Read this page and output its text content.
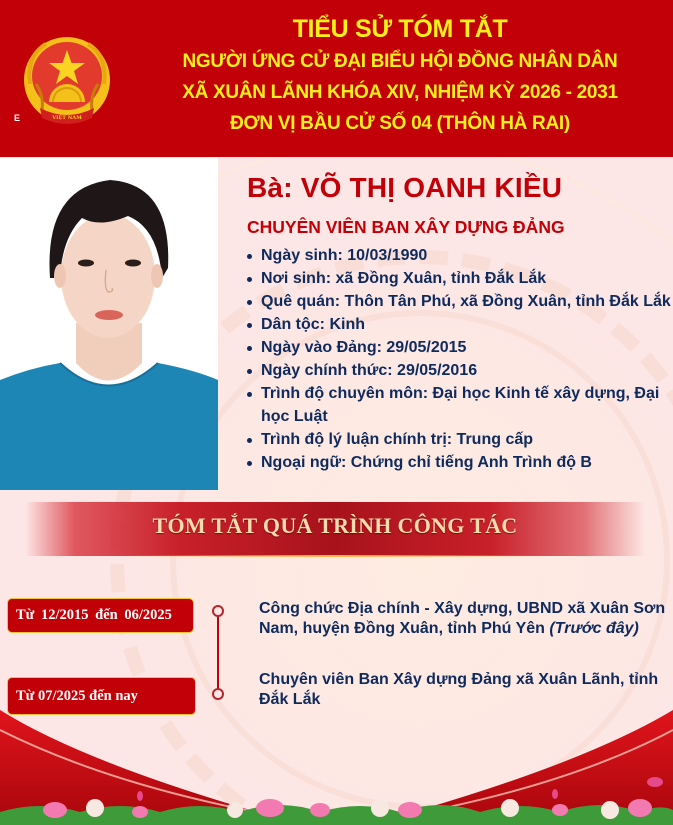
VIỆT NAM
E
TIỂU SỬ TÓM TẮT
NGƯỜI ỨNG CỬ ĐẠI BIỂU HỘI ĐỒNG NHÂN DÂN
XÃ XUÂN LÃNH KHÓA XIV, NHIỆM KỲ 2026 - 2031
ĐƠN VỊ BẦU CỬ SỐ 04 (THÔN HÀ RAI)
Bà: VÕ THỊ OANH KIỀU
CHUYÊN VIÊN BAN XÂY DỰNG ĐẢNG
Ngày sinh: 10/03/1990
Nơi sinh: xã Đồng Xuân, tỉnh Đắk Lắk
Quê quán: Thôn Tân Phú, xã Đồng Xuân, tỉnh Đắk Lắk
Dân tộc: Kinh
Ngày vào Đảng: 29/05/2015
Ngày chính thức: 29/05/2016
Trình độ chuyên môn: Đại học Kinh tế xây dựng, Đại học Luật
Trình độ lý luận chính trị: Trung cấp
Ngoại ngữ: Chứng chỉ tiếng Anh Trình độ B
TÓM TẮT QUÁ TRÌNH CÔNG TÁC
Từ 12/2015 đến 06/2025
Từ 07/2025 đến nay
Công chức Địa chính - Xây dựng, UBND xã Xuân Sơn Nam, huyện Đồng Xuân, tỉnh Phú Yên (Trước đây)
Chuyên viên Ban Xây dựng Đảng xã Xuân Lãnh, tỉnh Đắk Lắk
